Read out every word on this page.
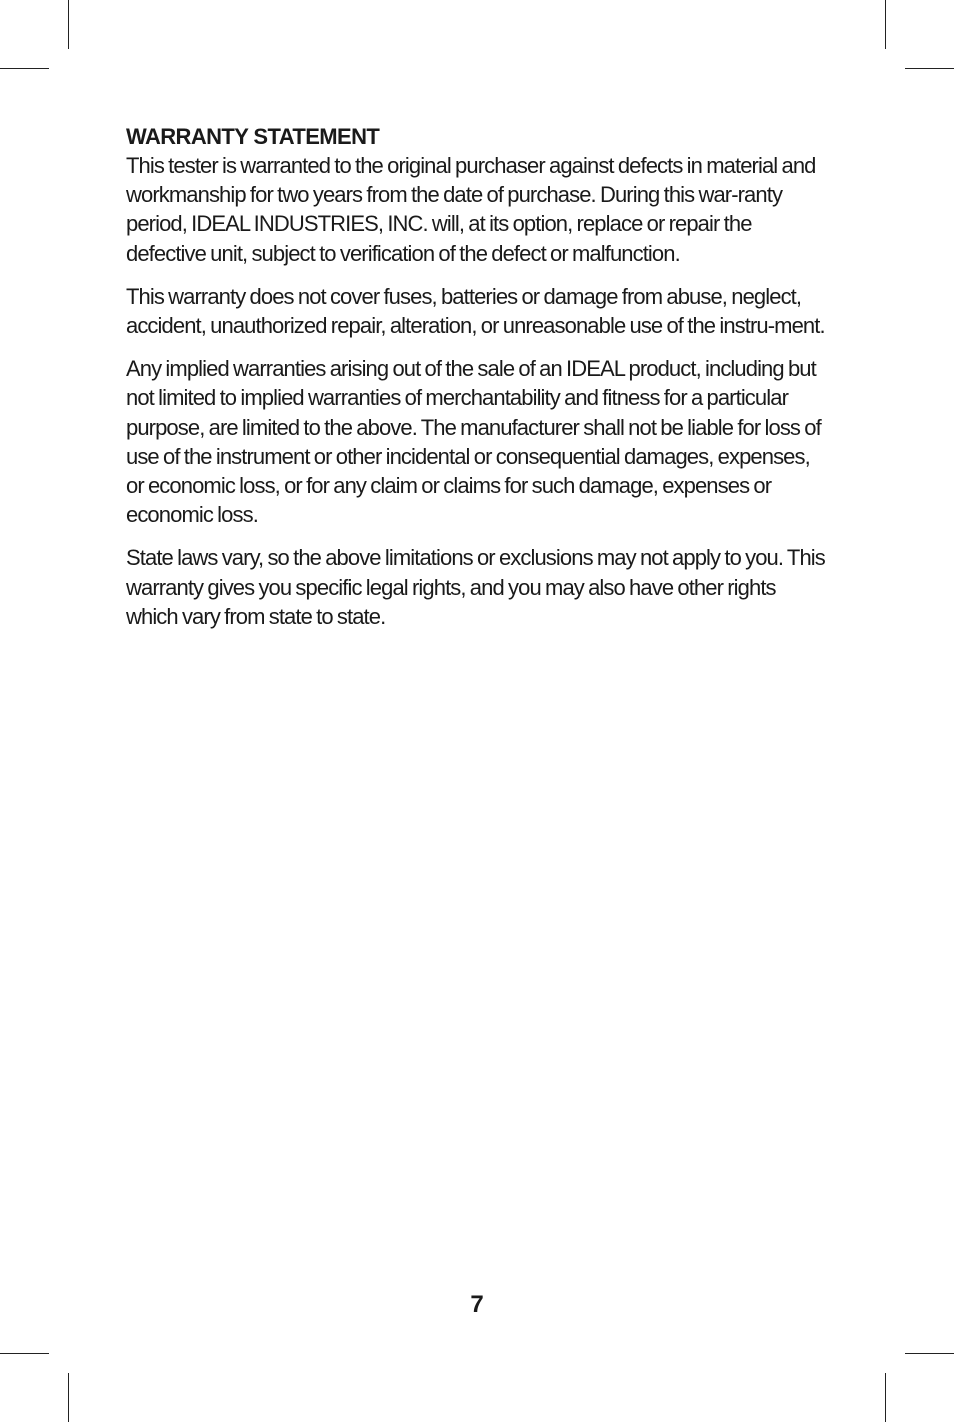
WARRANTY STATEMENT

This tester is warranted to the original purchaser against defects in material and workmanship for two years from the date of purchase. During this war-ranty period, IDEAL INDUSTRIES, INC. will, at its option, replace or repair the defective unit, subject to verification of the defect or malfunction.

This warranty does not cover fuses, batteries or damage from abuse, neglect, accident, unauthorized repair, alteration, or unreasonable use of the instru-ment.

Any implied warranties arising out of the sale of an IDEAL product, including but not limited to implied warranties of merchantability and fitness for a particular purpose, are limited to the above. The manufacturer shall not be liable for loss of use of the instrument or other incidental or consequential damages, expenses, or economic loss, or for any claim or claims for such damage, expenses or economic loss.

State laws vary, so the above limitations or exclusions may not apply to you. This warranty gives you specific legal rights, and you may also have other rights which vary from state to state.

7
